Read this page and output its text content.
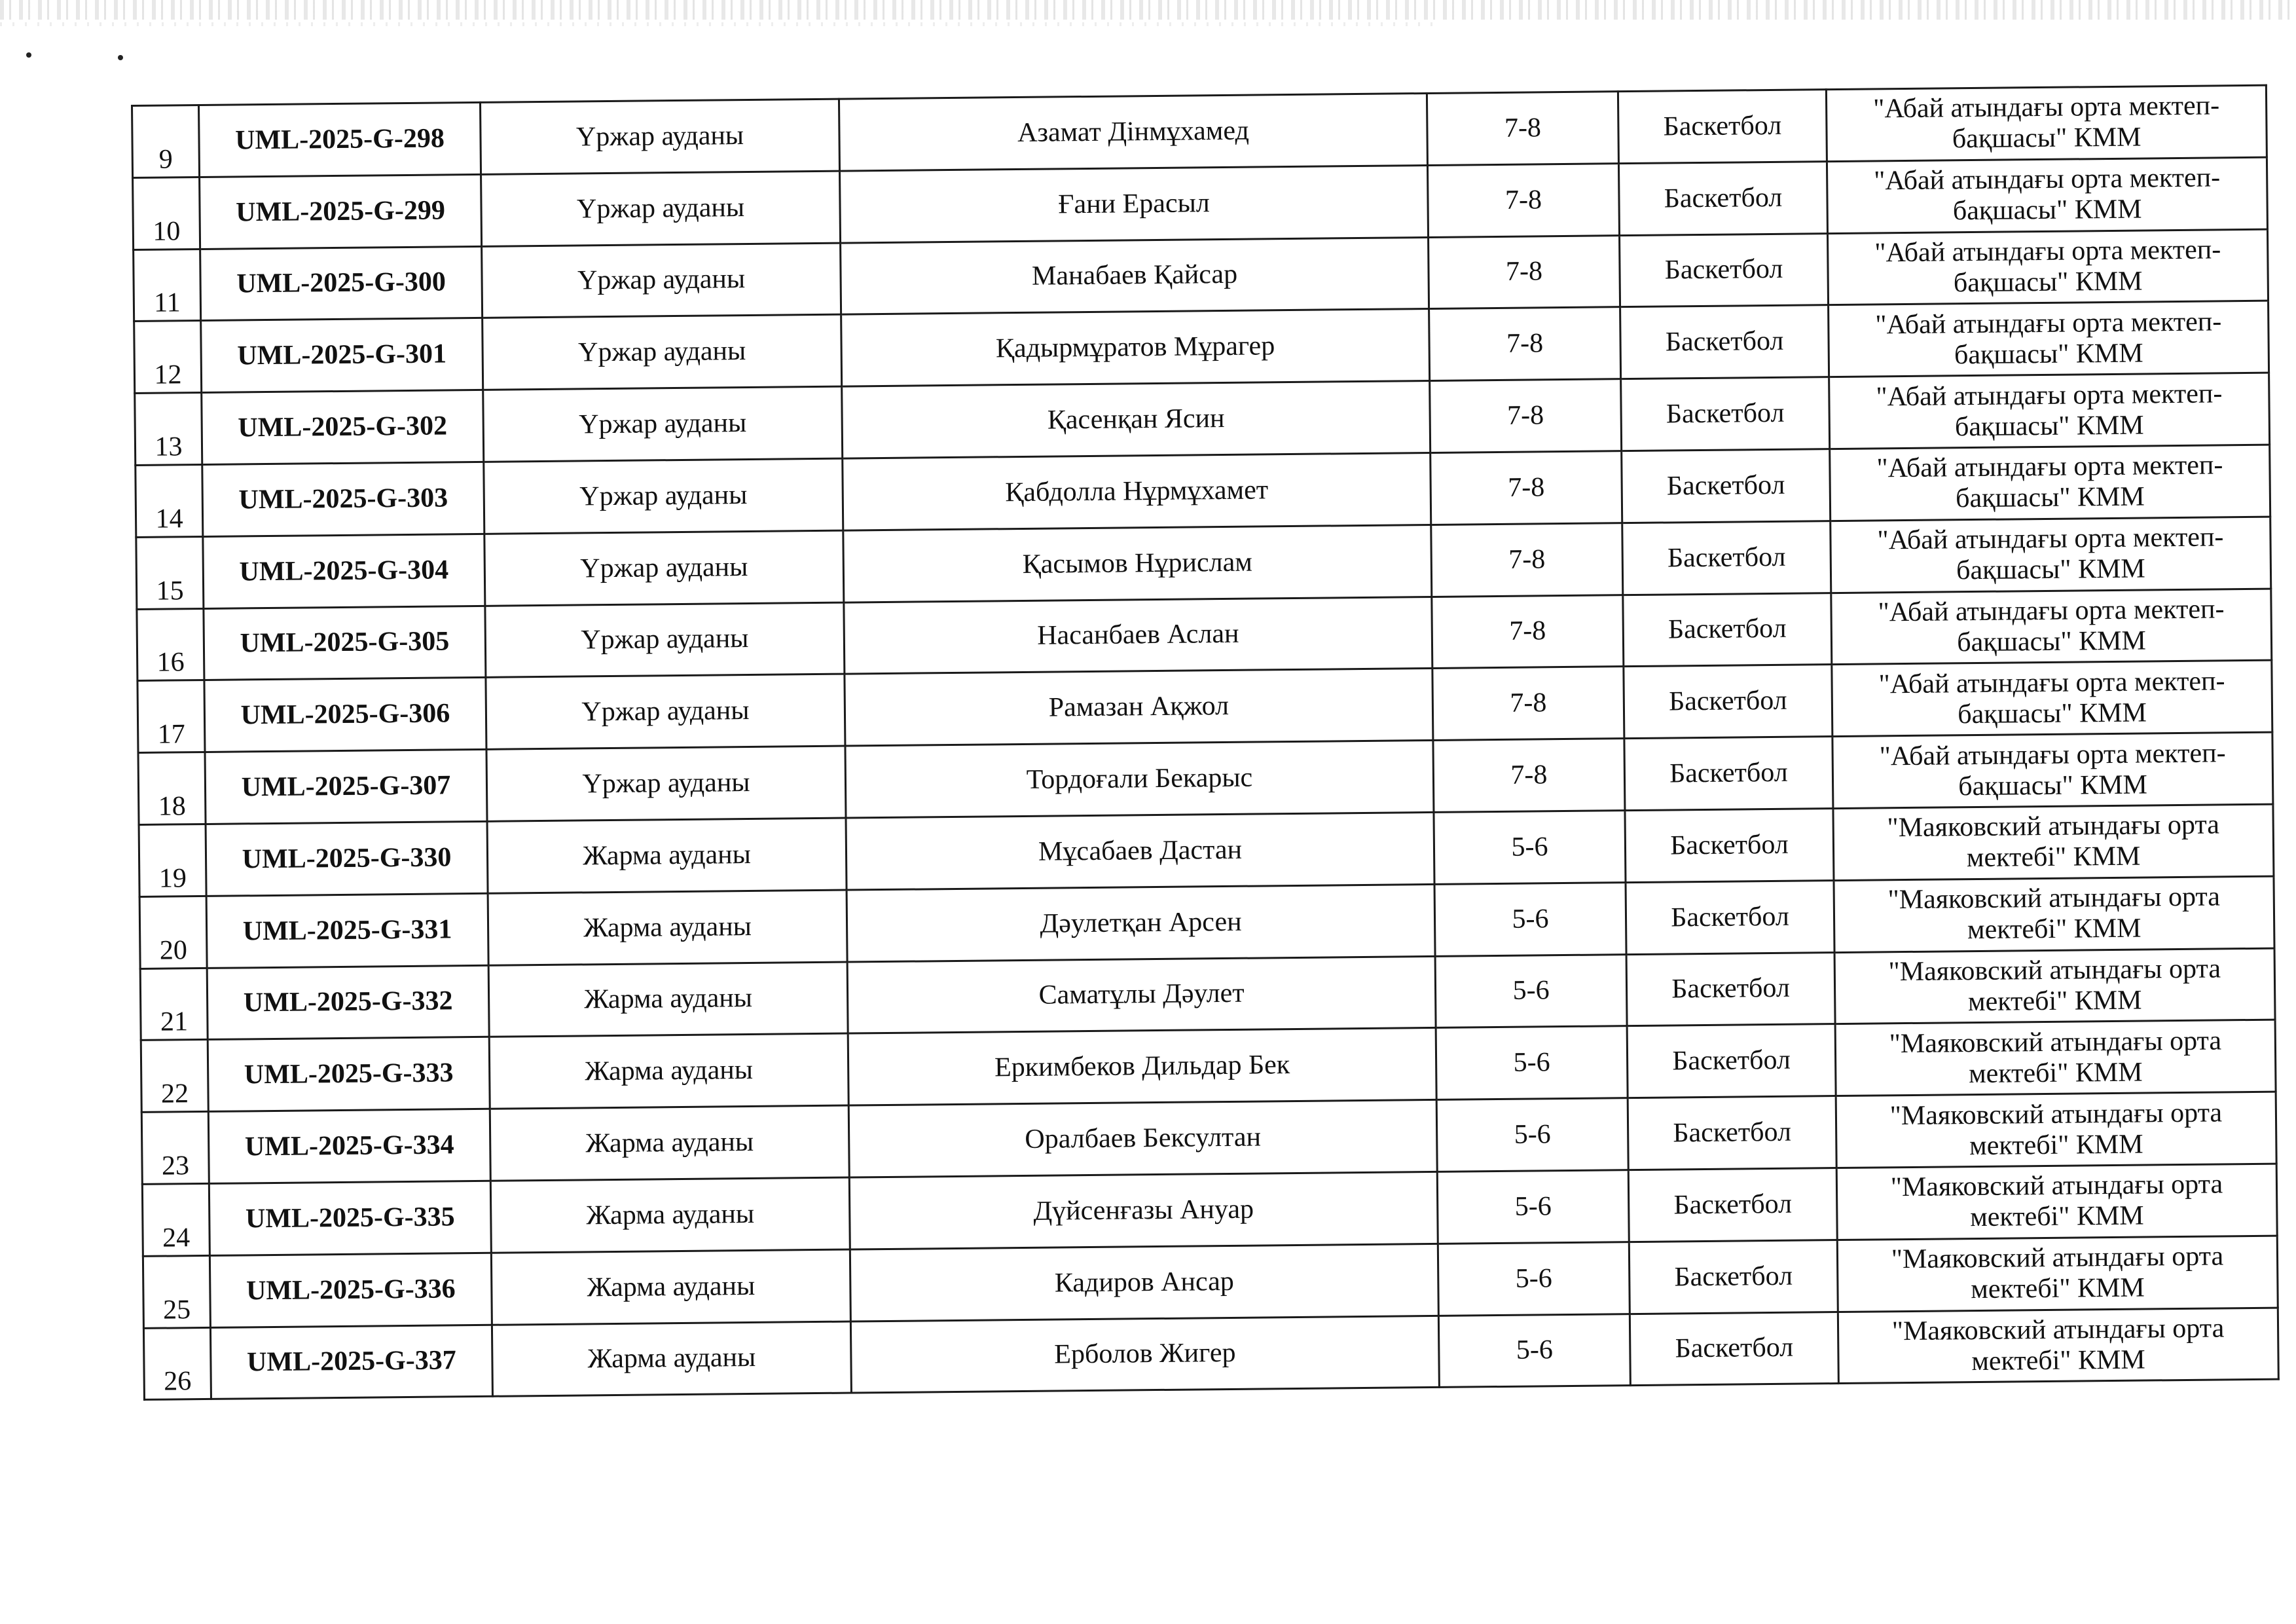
9	UML-2025-G-298	Үржар ауданы	Азамат Дінмұхамед	7-8	Баскетбол	"Абай атындағы орта мектеп-бақшасы" КММ
10	UML-2025-G-299	Үржар ауданы	Ғани Ерасыл	7-8	Баскетбол	"Абай атындағы орта мектеп-бақшасы" КММ
11	UML-2025-G-300	Үржар ауданы	Манабаев Қайсар	7-8	Баскетбол	"Абай атындағы орта мектеп-бақшасы" КММ
12	UML-2025-G-301	Үржар ауданы	Қадырмұратов Мұрагер	7-8	Баскетбол	"Абай атындағы орта мектеп-бақшасы" КММ
13	UML-2025-G-302	Үржар ауданы	Қасенқан Ясин	7-8	Баскетбол	"Абай атындағы орта мектеп-бақшасы" КММ
14	UML-2025-G-303	Үржар ауданы	Қабдолла Нұрмұхамет	7-8	Баскетбол	"Абай атындағы орта мектеп-бақшасы" КММ
15	UML-2025-G-304	Үржар ауданы	Қасымов Нұрислам	7-8	Баскетбол	"Абай атындағы орта мектеп-бақшасы" КММ
16	UML-2025-G-305	Үржар ауданы	Насанбаев Аслан	7-8	Баскетбол	"Абай атындағы орта мектеп-бақшасы" КММ
17	UML-2025-G-306	Үржар ауданы	Рамазан Ақжол	7-8	Баскетбол	"Абай атындағы орта мектеп-бақшасы" КММ
18	UML-2025-G-307	Үржар ауданы	Тордоғали Бекарыс	7-8	Баскетбол	"Абай атындағы орта мектеп-бақшасы" КММ
19	UML-2025-G-330	Жарма ауданы	Мұсабаев Дастан	5-6	Баскетбол	"Маяковский атындағы орта мектебі" КММ
20	UML-2025-G-331	Жарма ауданы	Дәулетқан Арсен	5-6	Баскетбол	"Маяковский атындағы орта мектебі" КММ
21	UML-2025-G-332	Жарма ауданы	Саматұлы Дәулет	5-6	Баскетбол	"Маяковский атындағы орта мектебі" КММ
22	UML-2025-G-333	Жарма ауданы	Еркимбеков Дильдар Бек	5-6	Баскетбол	"Маяковский атындағы орта мектебі" КММ
23	UML-2025-G-334	Жарма ауданы	Оралбаев Бексултан	5-6	Баскетбол	"Маяковский атындағы орта мектебі" КММ
24	UML-2025-G-335	Жарма ауданы	Дүйсенғазы Ануар	5-6	Баскетбол	"Маяковский атындағы орта мектебі" КММ
25	UML-2025-G-336	Жарма ауданы	Кадиров Ансар	5-6	Баскетбол	"Маяковский атындағы орта мектебі" КММ
26	UML-2025-G-337	Жарма ауданы	Ерболов Жигер	5-6	Баскетбол	"Маяковский атындағы орта мектебі" КММ
